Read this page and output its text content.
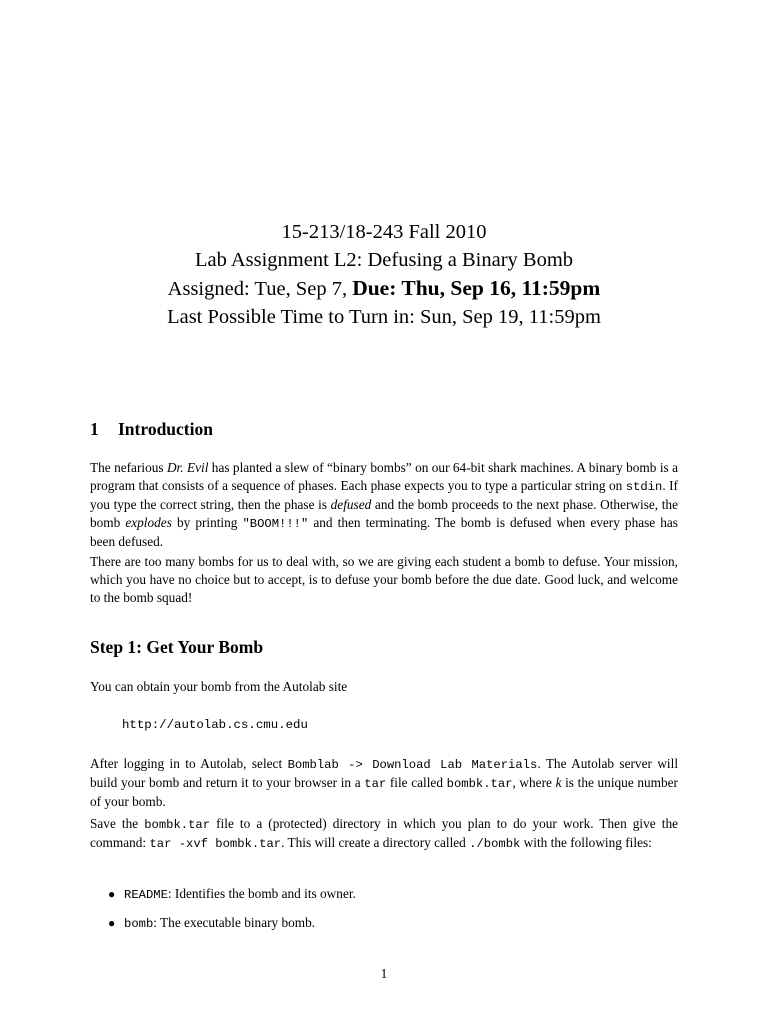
15-213/18-243 Fall 2010
Lab Assignment L2: Defusing a Binary Bomb
Assigned: Tue, Sep 7, Due: Thu, Sep 16, 11:59pm
Last Possible Time to Turn in: Sun, Sep 19, 11:59pm
1 Introduction

The nefarious Dr. Evil has planted a slew of “binary bombs” on our 64-bit shark machines. A binary bomb is a program that consists of a sequence of phases. Each phase expects you to type a particular string on stdin. If you type the correct string, then the phase is defused and the bomb proceeds to the next phase. Otherwise, the bomb explodes by printing "BOOM!!!" and then terminating. The bomb is defused when every phase has been defused.

There are too many bombs for us to deal with, so we are giving each student a bomb to defuse. Your mission, which you have no choice but to accept, is to defuse your bomb before the due date. Good luck, and welcome to the bomb squad!

Step 1: Get Your Bomb

You can obtain your bomb from the Autolab site

http://autolab.cs.cmu.edu

After logging in to Autolab, select Bomblab -> Download Lab Materials. The Autolab server will build your bomb and return it to your browser in a tar file called bombk.tar, where k is the unique number of your bomb.

Save the bombk.tar file to a (protected) directory in which you plan to do your work. Then give the command: tar -xvf bombk.tar. This will create a directory called ./bombk with the following files:

● README: Identifies the bomb and its owner.
● bomb: The executable binary bomb.
1
